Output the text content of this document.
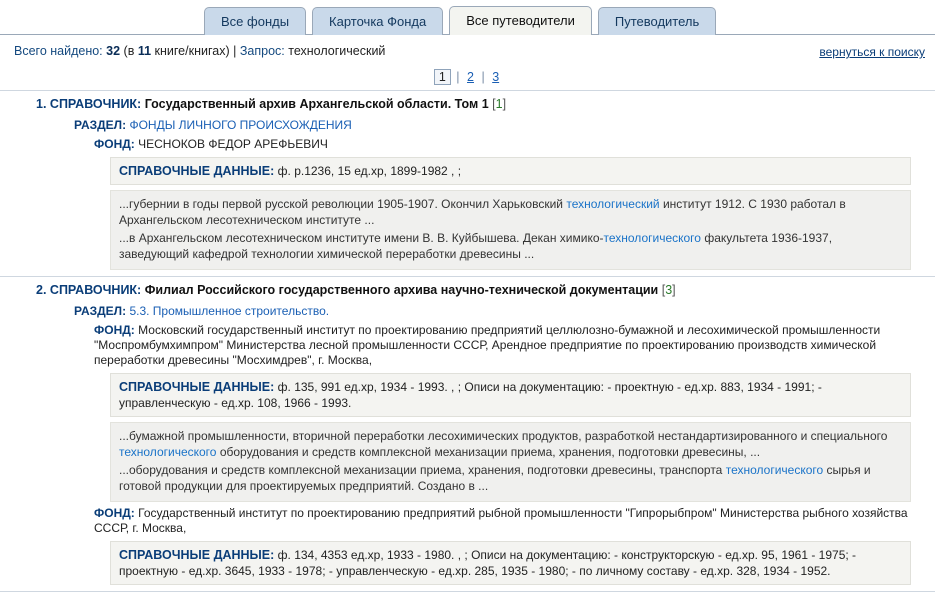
Все фонды	Карточка Фонда	Все путеводители	Путеводитель
Всего найдено: 32 (в 11 книге/книгах) | Запрос: технологический	вернуться к поиску
1 | 2 | 3
1. СПРАВОЧНИК: Государственный архив Архангельской области. Том 1 [1]
РАЗДЕЛ: ФОНДЫ ЛИЧНОГО ПРОИСХОЖДЕНИЯ
ФОНД: ЧЕСНОКОВ ФЕДОР АРЕФЬЕВИЧ
СПРАВОЧНЫЕ ДАННЫЕ: ф. р.1236, 15 ед.хр, 1899-1982 , ;
...губернии в годы первой русской революции 1905-1907. Окончил Харьковский технологический институт 1912. С 1930 работал в Архангельском лесотехническом институте ...
...в Архангельском лесотехническом институте имени В. В. Куйбышева. Декан химико-технологического факультета 1936-1937, заведующий кафедрой технологии химической переработки древесины ...
2. СПРАВОЧНИК: Филиал Российского государственного архива научно-технической документации [3]
РАЗДЕЛ: 5.3. Промышленное строительство.
ФОНД: Московский государственный институт по проектированию предприятий целлюлозно-бумажной и лесохимической промышленности "Моспромбумхимпром" Министерства лесной промышленности СССР, Арендное предприятие по проектированию производств химической переработки древесины "Мосхимдрев", г. Москва,
СПРАВОЧНЫЕ ДАННЫЕ: ф. 135, 991 ед.хр, 1934 - 1993. , ; Описи на документацию: - проектную - ед.хр. 883, 1934 - 1991; - управленческую - ед.хр. 108, 1966 - 1993.
...бумажной промышленности, вторичной переработки лесохимических продуктов, разработкой нестандартизированного и специального технологического оборудования и средств комплексной механизации приема, хранения, подготовки древесины, ...
...оборудования и средств комплексной механизации приема, хранения, подготовки древесины, транспорта технологического сырья и готовой продукции для проектируемых предприятий. Создано в ...
ФОНД: Государственный институт по проектированию предприятий рыбной промышленности "Гипрорыбпром" Министерства рыбного хозяйства СССР, г. Москва,
СПРАВОЧНЫЕ ДАННЫЕ: ф. 134, 4353 ед.хр, 1933 - 1980. , ; Описи на документацию: - конструкторскую - ед.хр. 95, 1961 - 1975; - проектную - ед.хр. 3645, 1933 - 1978; - управленческую - ед.хр. 285, 1935 - 1980; - по личному составу - ед.хр. 328, 1934 - 1952.
